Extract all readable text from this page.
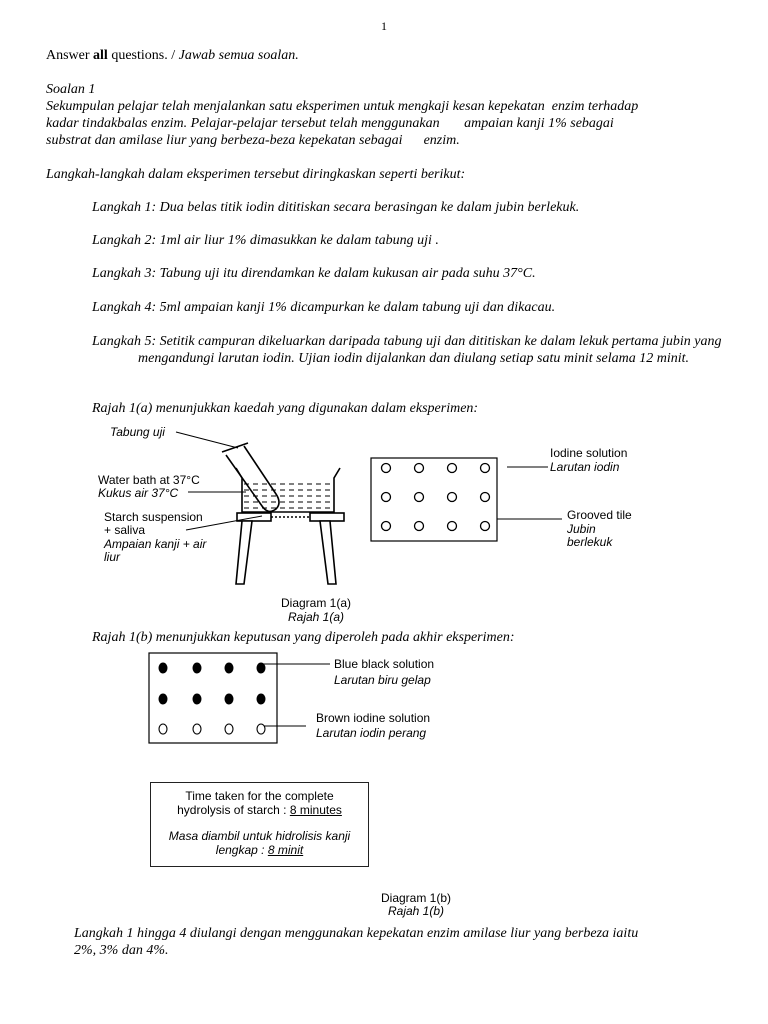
1
Answer all questions. / Jawab semua soalan.
Soalan 1
Sekumpulan pelajar telah menjalankan satu eksperimen untuk mengkaji kesan kepekatan  enzim terhadap
kadar tindakbalas enzim. Pelajar-pelajar tersebut telah menggunakan       ampaian kanji 1% sebagai
substrat dan amilase liur yang berbeza-beza kepekatan sebagai      enzim.
Langkah-langkah dalam eksperimen tersebut diringkaskan seperti berikut:
Langkah 1: Dua belas titik iodin dititiskan secara berasingan ke dalam jubin berlekuk.
Langkah 2: 1ml air liur 1% dimasukkan ke dalam tabung uji .
Langkah 3: Tabung uji itu direndamkan ke dalam kukusan air pada suhu 37°C.
Langkah 4: 5ml ampaian kanji 1% dicampurkan ke dalam tabung uji dan dikacau.
Langkah 5: Setitik campuran dikeluarkan daripada tabung uji dan dititiskan ke dalam lekuk pertama jubin yang mengandungi larutan iodin. Ujian iodin dijalankan dan diulang setiap satu minit selama 12 minit.
Rajah 1(a) menunjukkan kaedah yang digunakan dalam eksperimen:
Tabung uji
Water bath at 37°C
Kukus air 37°C
Starch suspension
+ saliva
Ampaian kanji + air
liur
Iodine solution
Larutan iodin
Grooved tile
Jubin
berlekuk
Diagram 1(a)
Rajah 1(a)
Rajah 1(b) menunjukkan keputusan yang diperoleh pada akhir eksperimen:
Blue black solution
Larutan biru gelap
Brown iodine solution
Larutan iodin perang
Time taken for the complete
hydrolysis of starch : 8 minutes
Masa diambil untuk hidrolisis kanji
lengkap : 8 minit
Diagram 1(b)
Rajah 1(b)
Langkah 1 hingga 4 diulangi dengan menggunakan kepekatan enzim amilase liur yang berbeza iaitu
2%, 3% dan 4%.
